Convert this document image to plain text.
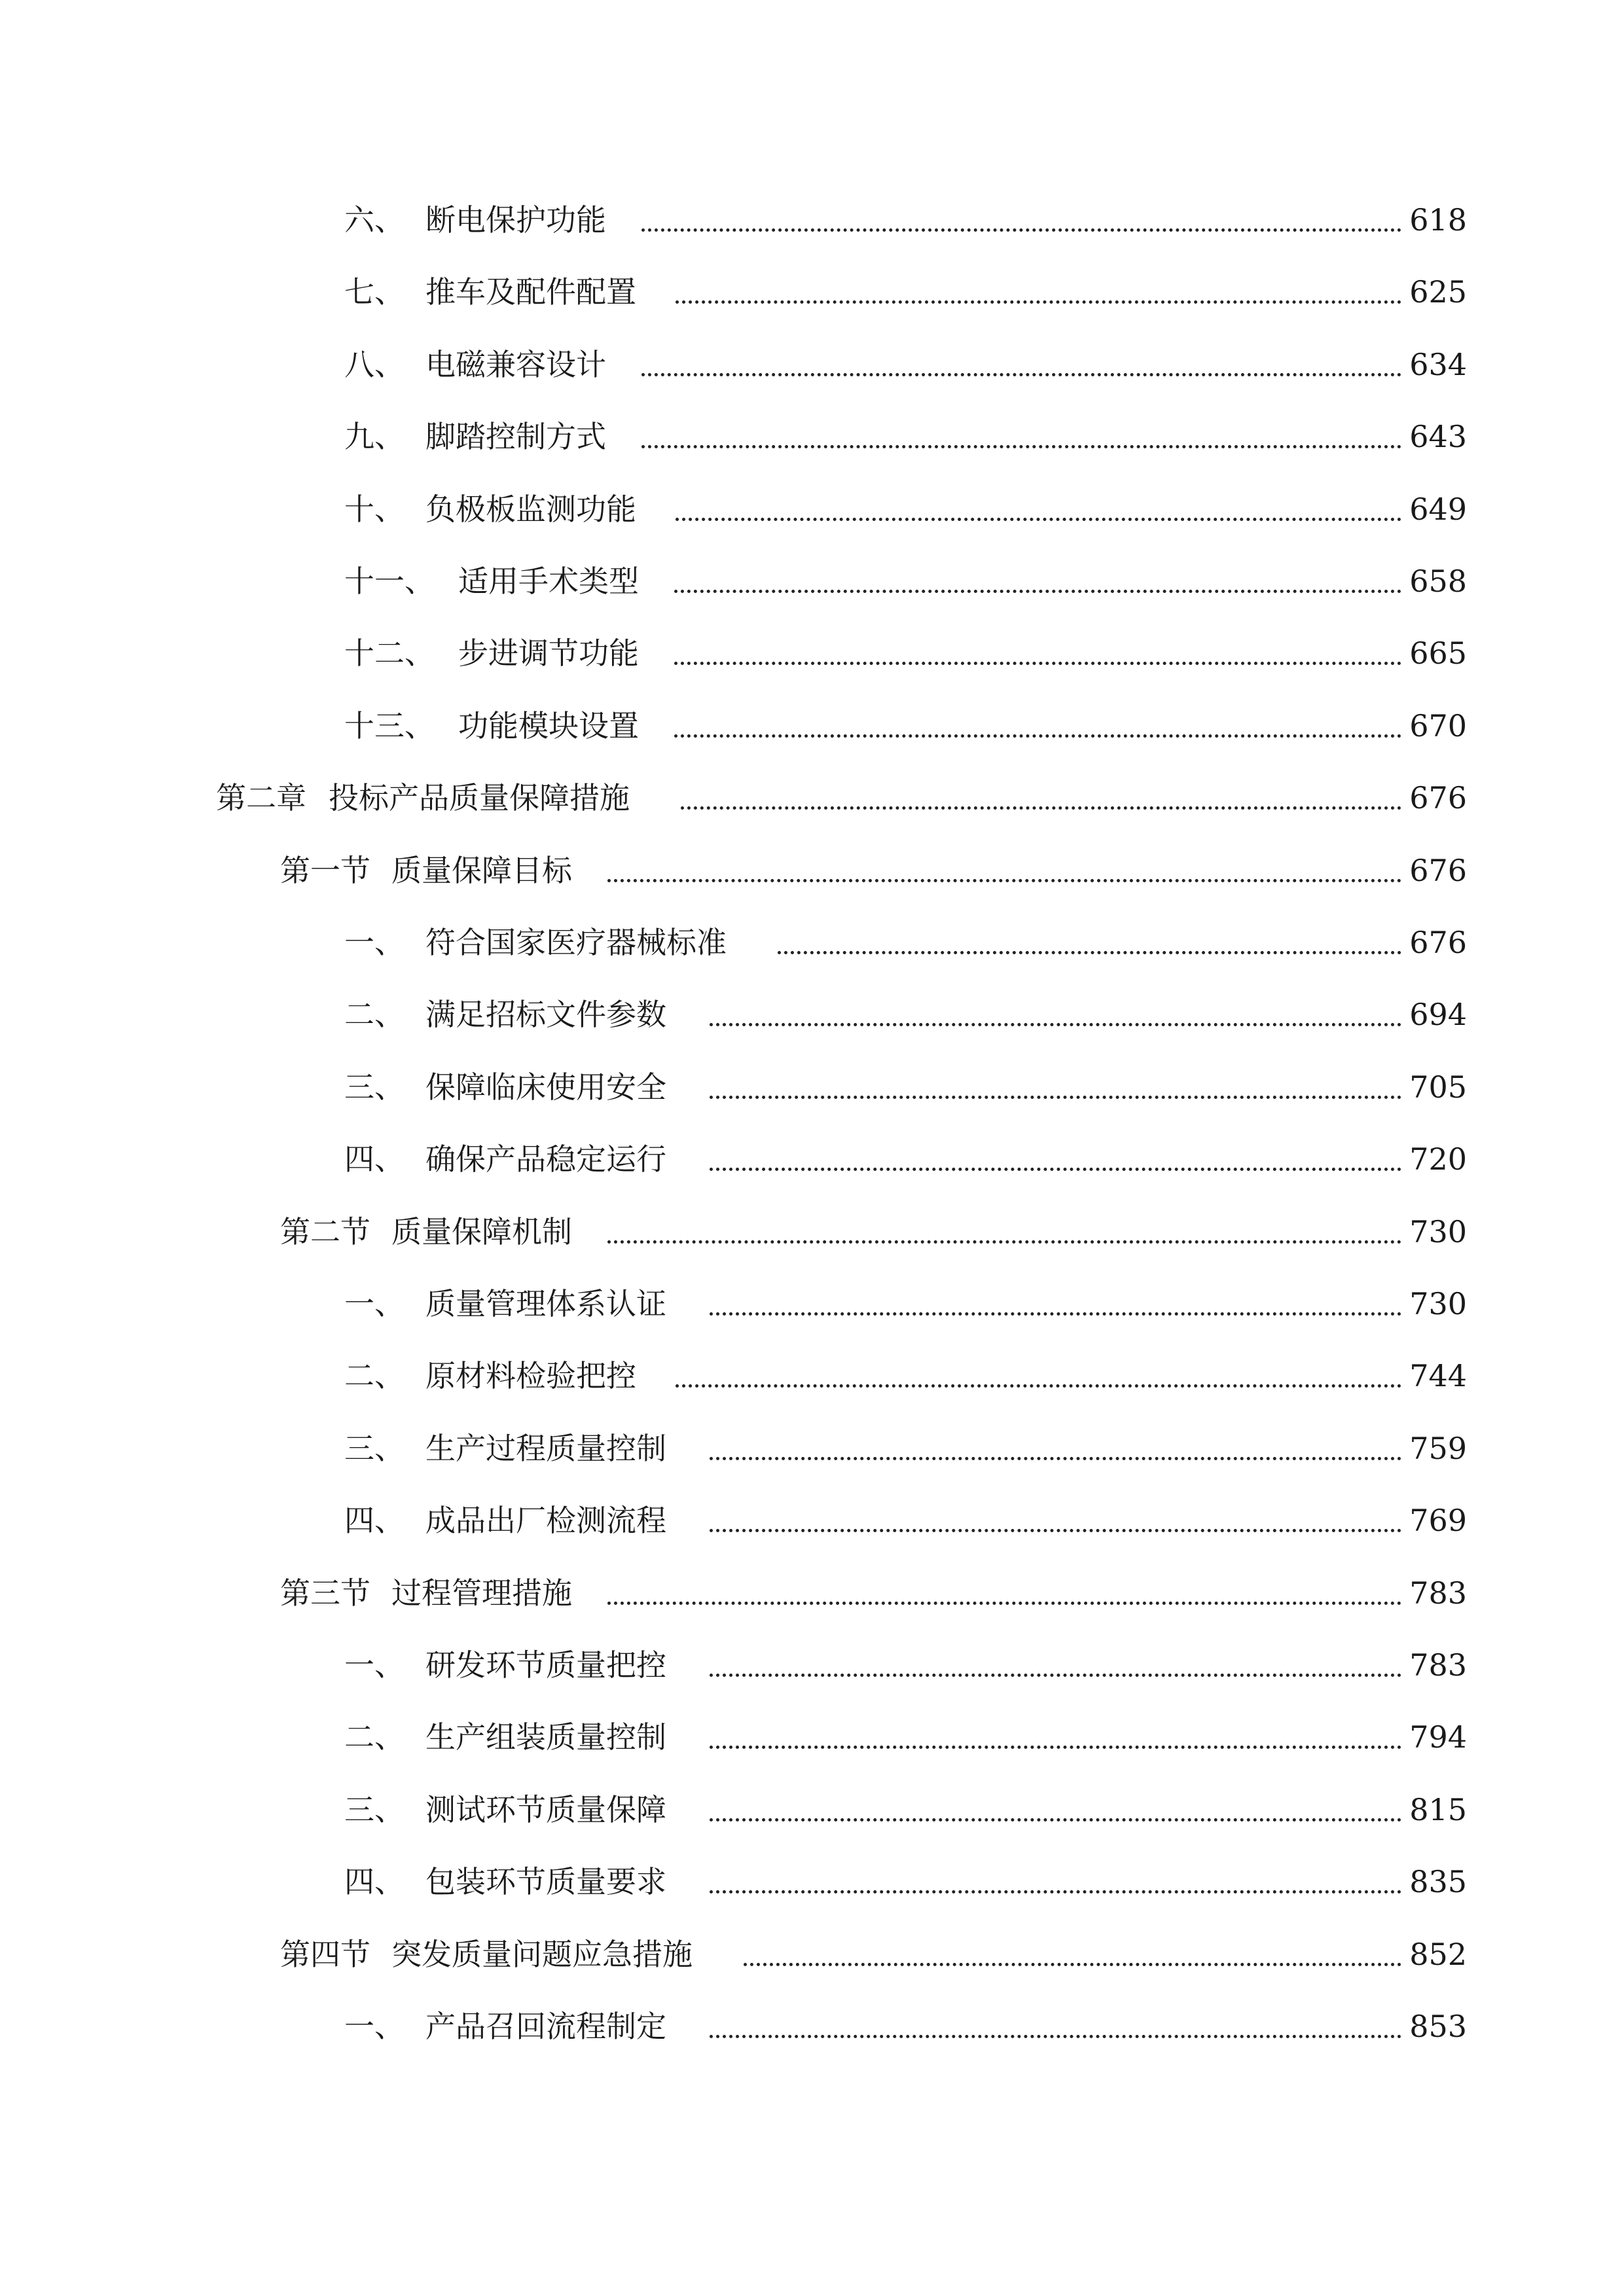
六、 断电保护功能	618
七、 推车及配件配置	625
八、 电磁兼容设计	634
九、 脚踏控制方式	643
十、 负极板监测功能	649
十一、 适用手术类型	658
十二、 步进调节功能	665
十三、 功能模块设置	670
第二章 投标产品质量保障措施	676
第一节 质量保障目标	676
一、 符合国家医疗器械标准	676
二、 满足招标文件参数	694
三、 保障临床使用安全	705
四、 确保产品稳定运行	720
第二节 质量保障机制	730
一、 质量管理体系认证	730
二、 原材料检验把控	744
三、 生产过程质量控制	759
四、 成品出厂检测流程	769
第三节 过程管理措施	783
一、 研发环节质量把控	783
二、 生产组装质量控制	794
三、 测试环节质量保障	815
四、 包装环节质量要求	835
第四节 突发质量问题应急措施	852
一、 产品召回流程制定	853
